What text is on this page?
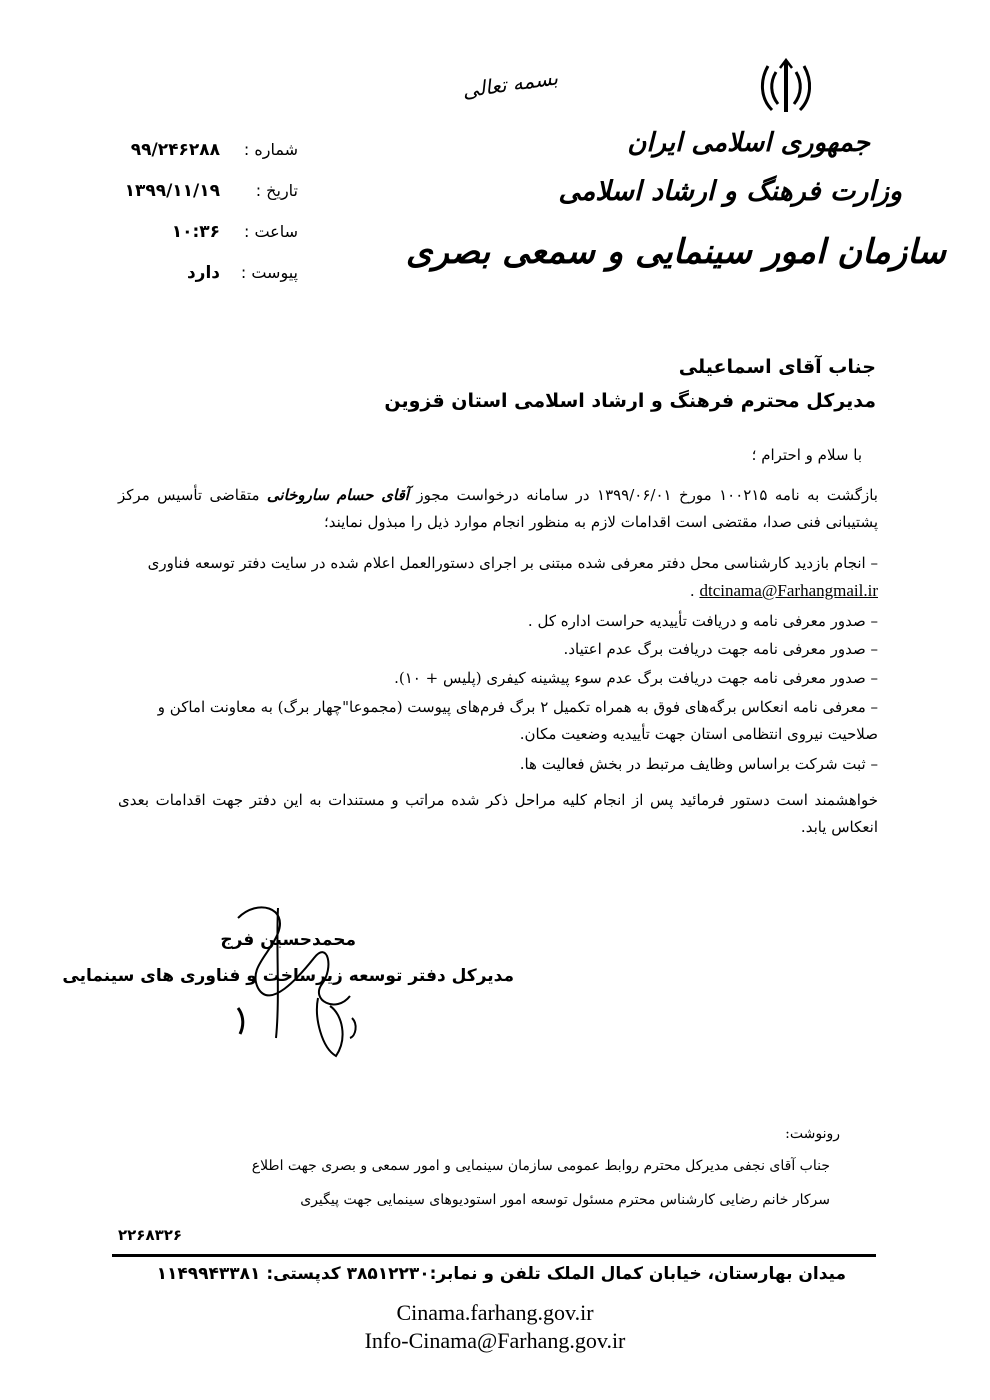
بسمه تعالی
جمهوری اسلامی ایران
وزارت فرهنگ و ارشاد اسلامی
سازمان امور سینمایی و سمعی بصری
شماره :
۹۹/۲۴۶۲۸۸
تاریخ :
۱۳۹۹/۱۱/۱۹
ساعت :
۱۰:۳۶
پیوست :
دارد
جناب آقای اسماعیلی
مدیرکل محترم فرهنگ و ارشاد اسلامی استان قزوین
با سلام و احترام ؛
بازگشت به نامه ۱۰۰۲۱۵ مورخ ۱۳۹۹/۰۶/۰۱ در سامانه درخواست مجوز آقای حسام ساروخانی متقاضی تأسیس مرکز پشتیبانی فنی صدا، مقتضی است اقدامات لازم به منظور انجام موارد ذیل را مبذول نمایند؛
– انجام بازدید کارشناسی محل دفتر معرفی شده مبتنی بر اجرای دستورالعمل اعلام شده در سایت دفتر توسعه فناوری dtcinama@Farhangmail.ir .
– صدور معرفی نامه و دریافت تأییدیه حراست اداره کل .
– صدور معرفی نامه جهت دریافت برگ عدم اعتیاد.
– صدور معرفی نامه جهت دریافت برگ عدم سوء پیشینه کیفری (پلیس + ۱۰).
– معرفی نامه انعکاس برگه‌های فوق به همراه تکمیل ۲ برگ فرم‌های پیوست (مجموعا"چهار برگ) به معاونت اماکن و صلاحیت نیروی انتظامی استان جهت تأییدیه وضعیت مکان.
– ثبت شرکت براساس وظایف مرتبط در بخش فعالیت ها.
خواهشمند است دستور فرمائید پس از انجام کلیه مراحل ذکر شده مراتب و مستندات به این دفتر جهت اقدامات بعدی انعکاس یابد.
محمدحسین فرج
مدیرکل دفتر توسعه زیرساخت و فناوری های سینمایی
رونوشت:
جناب آقای نجفی مدیرکل محترم روابط عمومی سازمان سینمایی و امور سمعی و بصری جهت اطلاع
سرکار خانم رضایی کارشناس محترم مسئول توسعه امور استودیوهای سینمایی جهت پیگیری
۲۲۶۸۳۲۶
میدان بهارستان، خیابان کمال الملک تلفن و نمابر:۳۸۵۱۲۲۳۰ کدپستی: ۱۱۴۹۹۴۳۳۸۱
Cinama.farhang.gov.ir
Info-Cinama@Farhang.gov.ir
